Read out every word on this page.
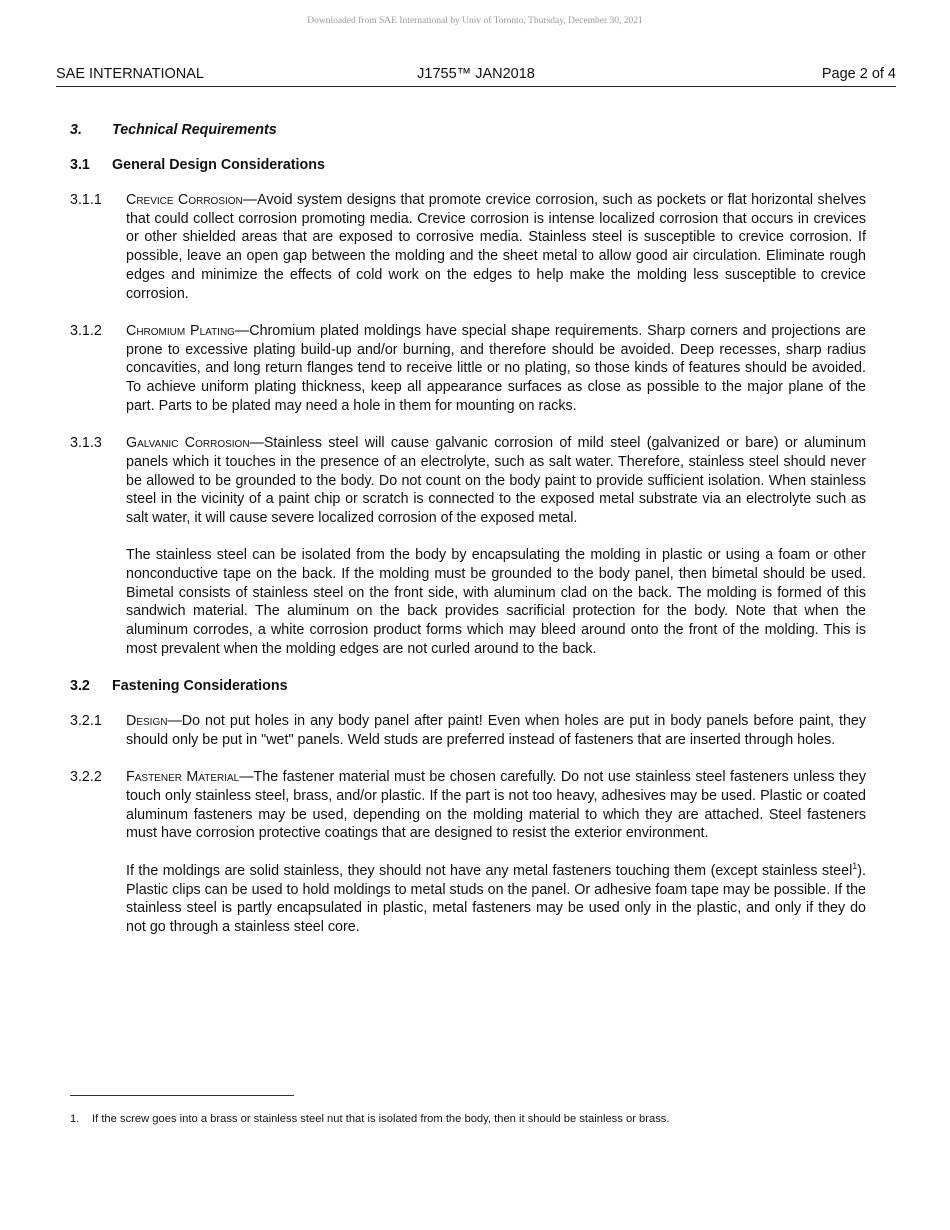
Downloaded from SAE International by Univ of Toronto, Thursday, December 30, 2021
SAE INTERNATIONAL	J1755™ JAN2018	Page 2 of 4
3. Technical Requirements
3.1 General Design Considerations
3.1.1 Crevice Corrosion—Avoid system designs that promote crevice corrosion, such as pockets or flat horizontal shelves that could collect corrosion promoting media. Crevice corrosion is intense localized corrosion that occurs in crevices or other shielded areas that are exposed to corrosive media. Stainless steel is susceptible to crevice corrosion. If possible, leave an open gap between the molding and the sheet metal to allow good air circulation. Eliminate rough edges and minimize the effects of cold work on the edges to help make the molding less susceptible to crevice corrosion.
3.1.2 Chromium Plating—Chromium plated moldings have special shape requirements. Sharp corners and projections are prone to excessive plating build-up and/or burning, and therefore should be avoided. Deep recesses, sharp radius concavities, and long return flanges tend to receive little or no plating, so those kinds of features should be avoided. To achieve uniform plating thickness, keep all appearance surfaces as close as possible to the major plane of the part. Parts to be plated may need a hole in them for mounting on racks.
3.1.3 Galvanic Corrosion—Stainless steel will cause galvanic corrosion of mild steel (galvanized or bare) or aluminum panels which it touches in the presence of an electrolyte, such as salt water. Therefore, stainless steel should never be allowed to be grounded to the body. Do not count on the body paint to provide sufficient isolation. When stainless steel in the vicinity of a paint chip or scratch is connected to the exposed metal substrate via an electrolyte such as salt water, it will cause severe localized corrosion of the exposed metal.
The stainless steel can be isolated from the body by encapsulating the molding in plastic or using a foam or other nonconductive tape on the back. If the molding must be grounded to the body panel, then bimetal should be used. Bimetal consists of stainless steel on the front side, with aluminum clad on the back. The molding is formed of this sandwich material. The aluminum on the back provides sacrificial protection for the body. Note that when the aluminum corrodes, a white corrosion product forms which may bleed around onto the front of the molding. This is most prevalent when the molding edges are not curled around to the back.
3.2 Fastening Considerations
3.2.1 Design—Do not put holes in any body panel after paint! Even when holes are put in body panels before paint, they should only be put in "wet" panels. Weld studs are preferred instead of fasteners that are inserted through holes.
3.2.2 Fastener Material—The fastener material must be chosen carefully. Do not use stainless steel fasteners unless they touch only stainless steel, brass, and/or plastic. If the part is not too heavy, adhesives may be used. Plastic or coated aluminum fasteners may be used, depending on the molding material to which they are attached. Steel fasteners must have corrosion protective coatings that are designed to resist the exterior environment.
If the moldings are solid stainless, they should not have any metal fasteners touching them (except stainless steel$^1$). Plastic clips can be used to hold moldings to metal studs on the panel. Or adhesive foam tape may be possible. If the stainless steel is partly encapsulated in plastic, metal fasteners may be used only in the plastic, and only if they do not go through a stainless steel core.
1. If the screw goes into a brass or stainless steel nut that is isolated from the body, then it should be stainless or brass.
